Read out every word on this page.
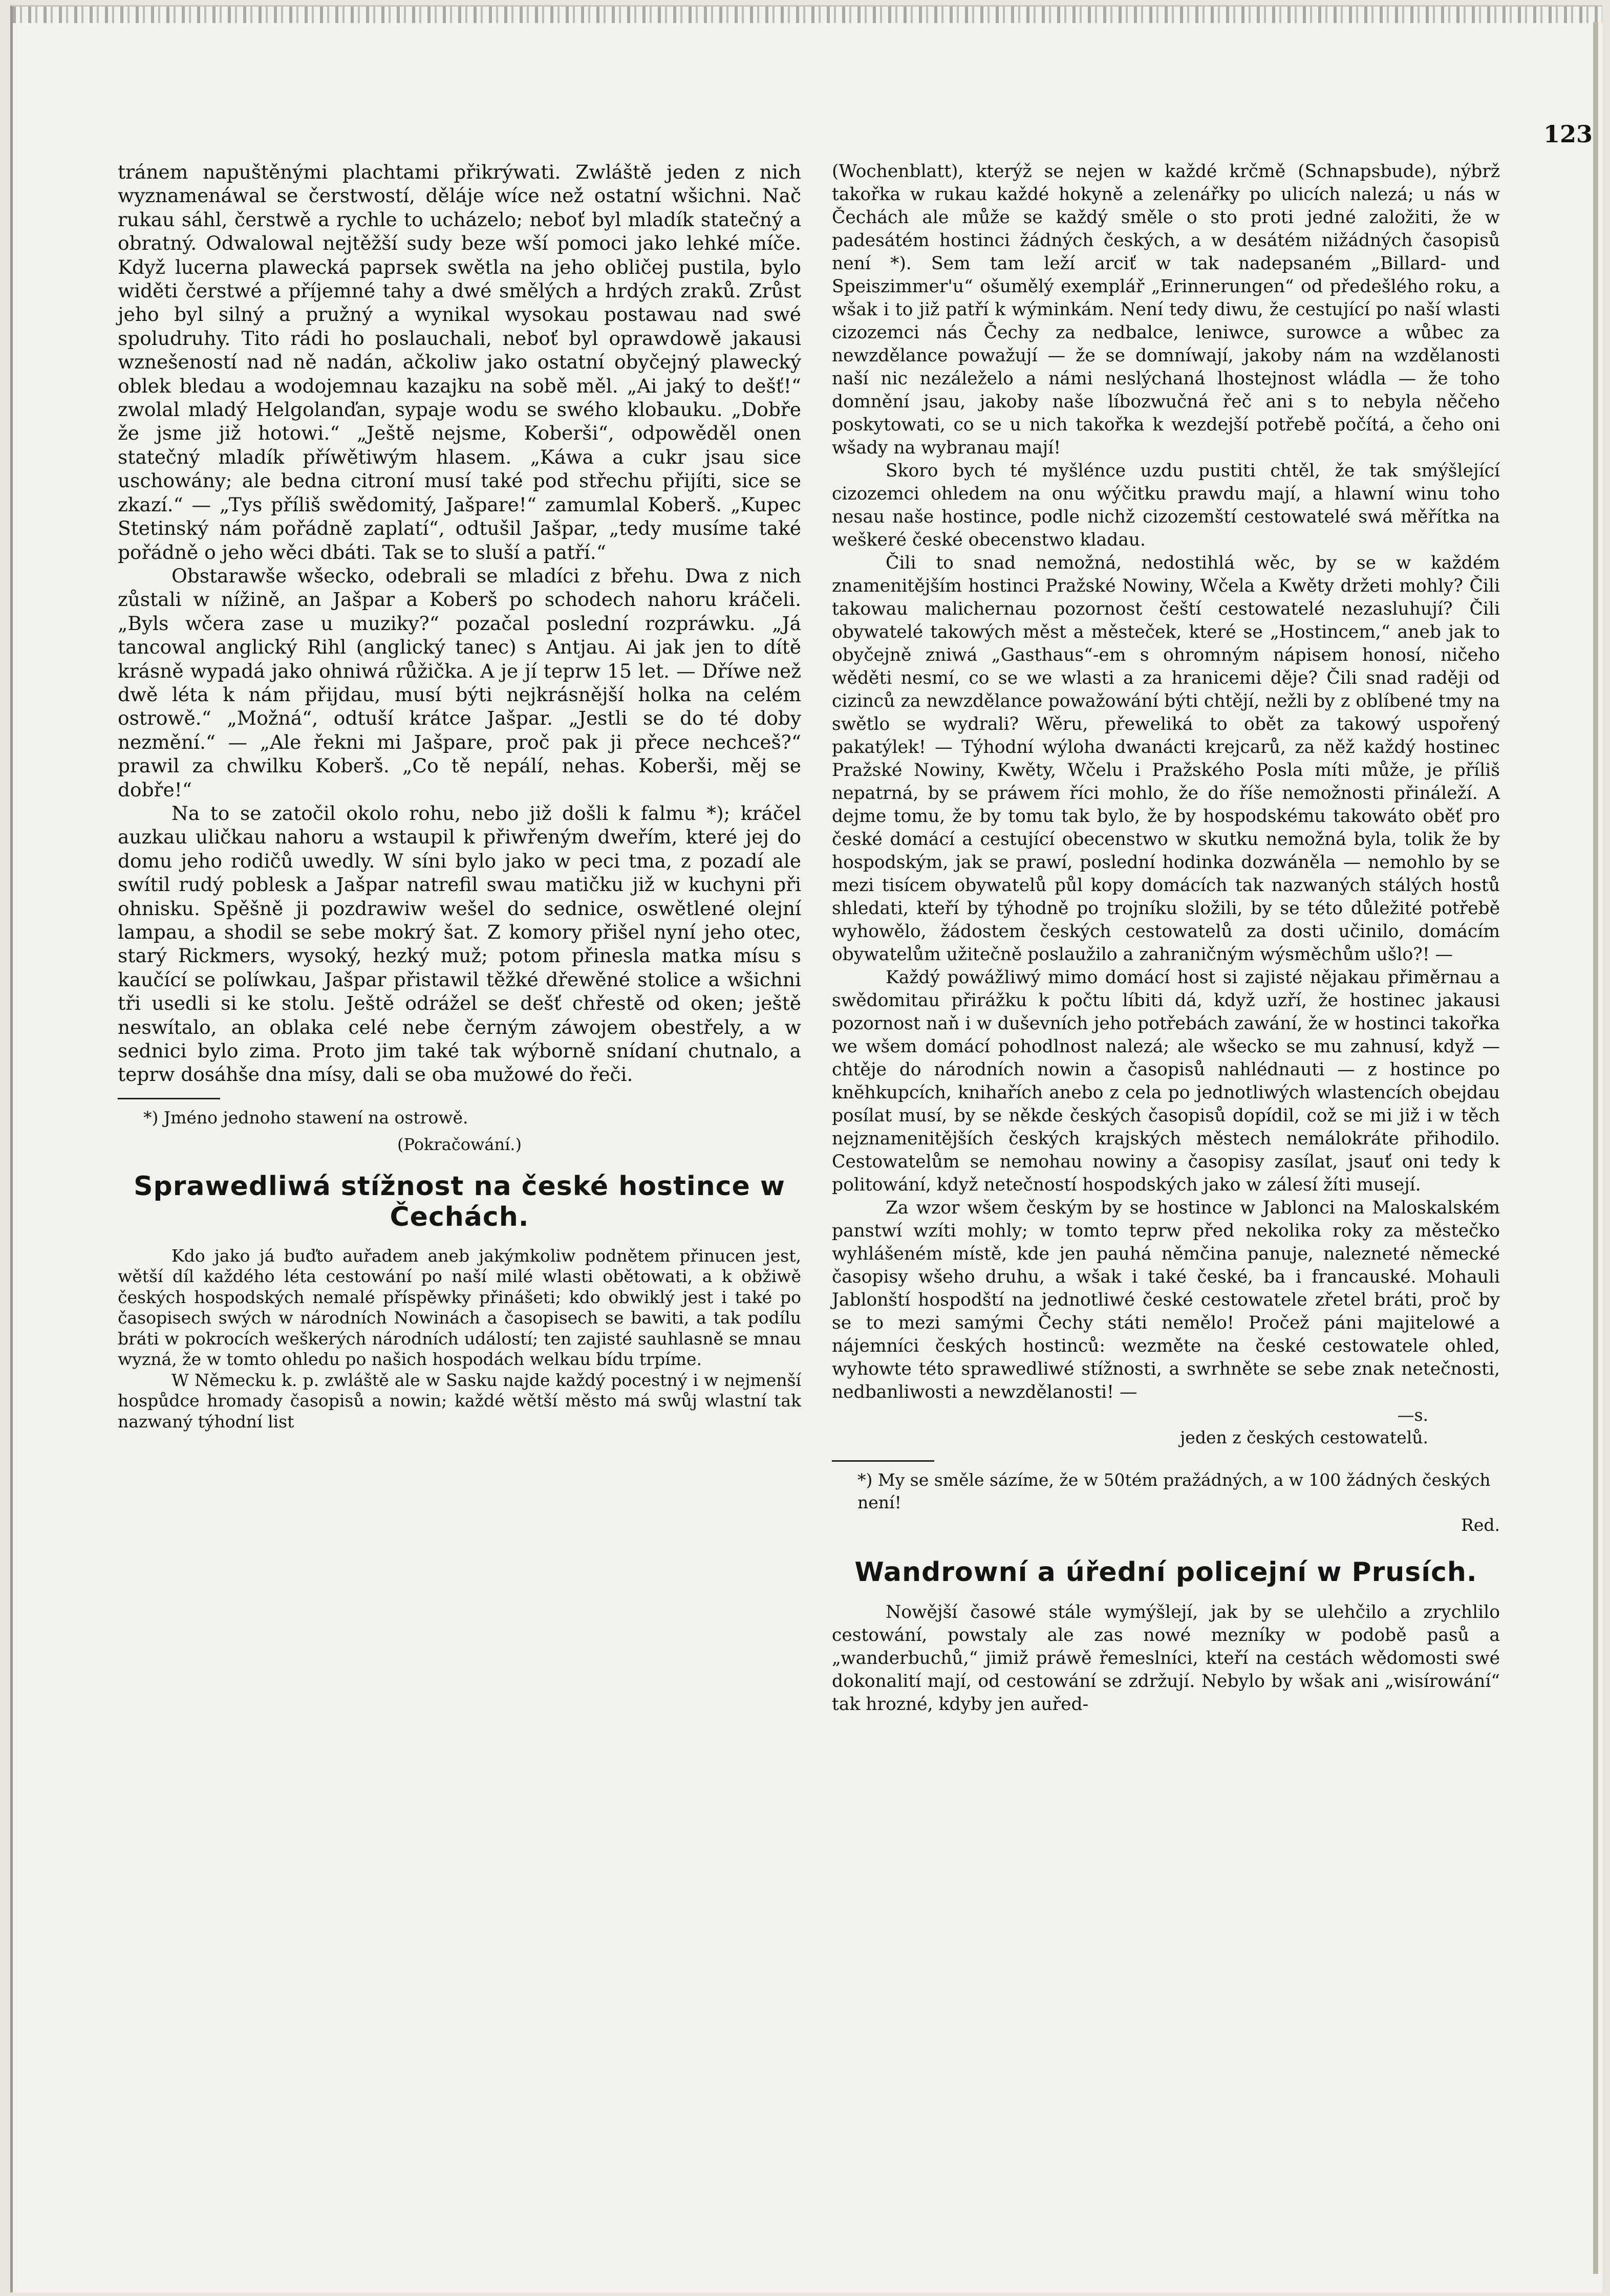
123

tránem napuštěnými plachtami přikrýwati. Zwláště jeden z nich wyznamenáwal se čerstwostí, děláje wíce než ostatní wšichni. Nač rukau sáhl, čerstwě a rychle to ucházelo; neboť byl mladík statečný a obratný. Odwalowal nejtěžší sudy beze wší pomoci jako lehké míče. Když lucerna plawecká paprsek swětla na jeho obličej pustila, bylo widěti čerstwé a příjemné tahy a dwé smělých a hrdých zraků. Zrůst jeho byl silný a pružný a wynikal wysokau postawau nad swé spoludruhy. Tito rádi ho poslauchali, neboť byl oprawdowě jakausi wznešeností nad ně nadán, ačkoliw jako ostatní obyčejný plawecký oblek bledau a wodojemnau kazajku na sobě měl. „Ai jaký to dešť!“ zwolal mladý Helgolanďan, sypaje wodu se swého klobauku. „Dobře že jsme již hotowi.“ „Ještě nejsme, Koberši“, odpowěděl onen statečný mladík příwětiwým hlasem. „Káwa a cukr jsau sice uschowány; ale bedna citroní musí také pod střechu přijíti, sice se zkazí.“ — „Tys příliš swědomitý, Jašpare!“ zamumlal Koberš. „Kupec Stetinský nám pořádně zaplatí“, odtušil Jašpar, „tedy musíme také pořádně o jeho wěci dbáti. Tak se to sluší a patří.“

Obstarawše wšecko, odebrali se mladíci z břehu. Dwa z nich zůstali w nížině, an Jašpar a Koberš po schodech nahoru kráčeli. „Byls wčera zase u muziky?“ pozačal poslední rozpráwku. „Já tancowal anglický Rihl (anglický tanec) s Antjau. Ai jak jen to dítě krásně wypadá jako ohniwá růžička. A je jí teprw 15 let. — Dříwe než dwě léta k nám přijdau, musí býti nejkrásnější holka na celém ostrowě.“ „Možná“, odtuší krátce Jašpar. „Jestli se do té doby nezmění.“ — „Ale řekni mi Jašpare, proč pak ji přece nechceš?“ prawil za chwilku Koberš. „Co tě nepálí, nehas. Koberši, měj se dobře!“

Na to se zatočil okolo rohu, nebo již došli k falmu *); kráčel auzkau uličkau nahoru a wstaupil k přiwřeným dweřím, které jej do domu jeho rodičů uwedly. W síni bylo jako w peci tma, z pozadí ale swítil rudý poblesk a Jašpar natrefil swau matičku již w kuchyni při ohnisku. Spěšně ji pozdrawiw wešel do sednice, oswětlené olejní lampau, a shodil se sebe mokrý šat. Z komory přišel nyní jeho otec, starý Rickmers, wysoký, hezký muž; potom přinesla matka mísu s kaučící se políwkau, Jašpar přistawil těžké dřewěné stolice a wšichni tři usedli si ke stolu. Ještě odrážel se dešť chřestě od oken; ještě neswítalo, an oblaka celé nebe černým záwojem obestřely, a w sednici bylo zima. Proto jim také tak wýborně snídaní chutnalo, a teprw dosáhše dna mísy, dali se oba mužowé do řeči.

*) Jméno jednoho stawení na ostrowě.

(Pokračowání.)

Sprawedliwá stížnost na české hostince w Čechách.

Kdo jako já buďto auřadem aneb jakýmkoliw podnětem přinucen jest, wětší díl každého léta cestowání po naší milé wlasti obětowati, a k obžiwě českých hospodských nemalé příspěwky přinášeti; kdo obwiklý jest i také po časopisech swých w národních Nowinách a časopisech se bawiti, a tak podílu bráti w pokrocích weškerých národních událostí; ten zajisté sauhlasně se mnau wyzná, že w tomto ohledu po našich hospodách welkau bídu trpíme.

W Německu k. p. zwláště ale w Sasku najde každý pocestný i w nejmenší hospůdce hromady časopisů a nowin; každé wětší město má swůj wlastní tak nazwaný týhodní list

(Wochenblatt), kterýž se nejen w každé krčmě (Schnapsbude), nýbrž takořka w rukau každé hokyně a zelenářky po ulicích nalezá; u nás w Čechách ale může se každý směle o sto proti jedné založiti, že w padesátém hostinci žádných českých, a w desátém nižádných časopisů není *). Sem tam leží arciť w tak nadepsaném „Billard- und Speiszimmer'u“ ošumělý exemplář „Erinnerungen“ od předešlého roku, a wšak i to již patří k wýminkám. Není tedy diwu, že cestující po naší wlasti cizozemci nás Čechy za nedbalce, leniwce, surowce a wůbec za newzdělance powažují — že se domníwají, jakoby nám na wzdělanosti naší nic nezáleželo a námi neslýchaná lhostejnost wládla — že toho domnění jsau, jakoby naše líbozwučná řeč ani s to nebyla něčeho poskytowati, co se u nich takořka k wezdejší potřebě počítá, a čeho oni wšady na wybranau mají!

Skoro bych té myšlénce uzdu pustiti chtěl, že tak smýšlející cizozemci ohledem na onu wýčitku prawdu mají, a hlawní winu toho nesau naše hostince, podle nichž cizozemští cestowatelé swá měřítka na weškeré české obecenstwo kladau.

Čili to snad nemožná, nedostihlá wěc, by se w každém znamenitějším hostinci Pražské Nowiny, Wčela a Kwěty držeti mohly? Čili takowau malichernau pozornost čeští cestowatelé nezasluhují? Čili obywatelé takowých měst a městeček, které se „Hostincem,“ aneb jak to obyčejně zniwá „Gasthaus“-em s ohromným nápisem honosí, ničeho wěděti nesmí, co se we wlasti a za hranicemi děje? Čili snad raději od cizinců za newzdělance powažowání býti chtějí, nežli by z oblíbené tmy na swětlo se wydrali? Wěru, přeweliká to obět za takowý uspořený pakatýlek! — Týhodní wýloha dwanácti krejcarů, za něž každý hostinec Pražské Nowiny, Kwěty, Wčelu i Pražského Posla míti může, je příliš nepatrná, by se práwem říci mohlo, že do říše nemožnosti přináleží. A dejme tomu, že by tomu tak bylo, že by hospodskému takowáto oběť pro české domácí a cestující obecenstwo w skutku nemožná byla, tolik že by hospodským, jak se prawí, poslední hodinka dozwáněla — nemohlo by se mezi tisícem obywatelů půl kopy domácích tak nazwaných stálých hostů shledati, kteří by týhodně po trojníku složili, by se této důležité potřebě wyhowělo, žádostem českých cestowatelů za dosti učinilo, domácím obywatelům užitečně poslaužilo a zahraničným wýsměchům ušlo?! —

Každý powážliwý mimo domácí host si zajisté nějakau přiměrnau a swědomitau přirážku k počtu líbiti dá, když uzří, že hostinec jakausi pozornost naň i w duševních jeho potřebách zawání, že w hostinci takořka we wšem domácí pohodlnost nalezá; ale wšecko se mu zahnusí, když — chtěje do národních nowin a časopisů nahlédnauti — z hostince po knĕhkupcích, knihařích anebo z cela po jednotliwých wlastencích obejdau posílat musí, by se někde českých časopisů dopídil, což se mi již i w těch nejznamenitějších českých krajských městech nemálokráte přihodilo. Cestowatelům se nemohau nowiny a časopisy zasílat, jsauť oni tedy k politowání, když netečností hospodských jako w zálesí žíti musejí.

Za wzor wšem českým by se hostince w Jablonci na Maloskalském panstwí wzíti mohly; w tomto teprw před nekolika roky za městečko wyhlášeném místě, kde jen pauhá němčina panuje, nalezneté německé časopisy wšeho druhu, a wšak i také české, ba i francauské. Mohauli Jablonští hospodští na jednotliwé české cestowatele zřetel bráti, proč by se to mezi samými Čechy státi nemělo! Pročež páni majitelowé a nájemníci českých hostinců: wezměte na české cestowatele ohled, wyhowte této sprawedliwé stížnosti, a swrhněte se sebe znak netečnosti, nedbanliwosti a newzdělanosti! —

—s.

jeden z českých cestowatelů.

*) My se směle sázíme, že w 50tém pražádných, a w 100 žádných českých není!

Red.

Wandrowní a úřední policejní w Prusích.

Nowější časowé stále wymýšlejí, jak by se ulehčilo a zrychlilo cestowání, powstaly ale zas nowé mezníky w podobě pasů a „wanderbuchů,“ jimiž práwě řemeslníci, kteří na cestách wědomosti swé dokonalití mají, od cestowání se zdržují. Nebylo by wšak ani „wisírowání“ tak hrozné, kdyby jen auřed-
